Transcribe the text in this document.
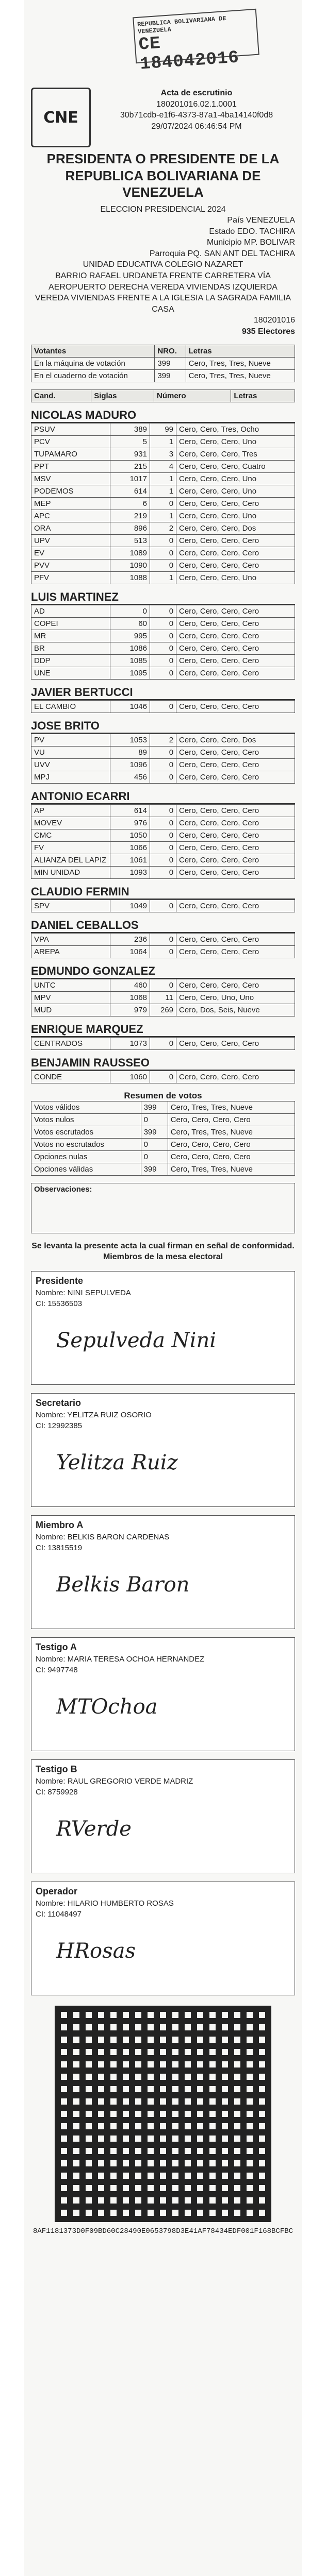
REPUBLICA BOLIVARIANA DE VENEZUELA
CE 184042016
CNE
Acta de escrutinio
180201016.02.1.0001
30b71cdb-e1f6-4373-87a1-4ba14140f0d8
29/07/2024 06:46:54 PM
PRESIDENTA O PRESIDENTE DE LA REPUBLICA BOLIVARIANA DE VENEZUELA
ELECCION PRESIDENCIAL 2024
País VENEZUELA
Estado EDO. TACHIRA
Municipio MP. BOLIVAR
Parroquia PQ. SAN ANT DEL TACHIRA
UNIDAD EDUCATIVA COLEGIO NAZARET
BARRIO RAFAEL URDANETA FRENTE CARRETERA VÍA AEROPUERTO DERECHA VEREDA VIVIENDAS IZQUIERDA VEREDA VIVIENDAS FRENTE A LA IGLESIA LA SAGRADA FAMILIA CASA
180201016
935 Electores
Votantes	NRO.	Letras
En la máquina de votación	399	Cero, Tres, Tres, Nueve
En el cuaderno de votación	399	Cero, Tres, Tres, Nueve
Cand.	Siglas	Número	Letras
NICOLAS MADURO
PSUV	389	99	Cero, Cero, Tres, Ocho
PCV	5	1	Cero, Cero, Cero, Uno
TUPAMARO	931	3	Cero, Cero, Cero, Tres
PPT	215	4	Cero, Cero, Cero, Cuatro
MSV	1017	1	Cero, Cero, Cero, Uno
PODEMOS	614	1	Cero, Cero, Cero, Uno
MEP	6	0	Cero, Cero, Cero, Cero
APC	219	1	Cero, Cero, Cero, Uno
ORA	896	2	Cero, Cero, Cero, Dos
UPV	513	0	Cero, Cero, Cero, Cero
EV	1089	0	Cero, Cero, Cero, Cero
PVV	1090	0	Cero, Cero, Cero, Cero
PFV	1088	1	Cero, Cero, Cero, Uno
LUIS MARTINEZ
AD	0	0	Cero, Cero, Cero, Cero
COPEI	60	0	Cero, Cero, Cero, Cero
MR	995	0	Cero, Cero, Cero, Cero
BR	1086	0	Cero, Cero, Cero, Cero
DDP	1085	0	Cero, Cero, Cero, Cero
UNE	1095	0	Cero, Cero, Cero, Cero
JAVIER BERTUCCI
EL CAMBIO	1046	0	Cero, Cero, Cero, Cero
JOSE BRITO
PV	1053	2	Cero, Cero, Cero, Dos
VU	89	0	Cero, Cero, Cero, Cero
UVV	1096	0	Cero, Cero, Cero, Cero
MPJ	456	0	Cero, Cero, Cero, Cero
ANTONIO ECARRI
AP	614	0	Cero, Cero, Cero, Cero
MOVEV	976	0	Cero, Cero, Cero, Cero
CMC	1050	0	Cero, Cero, Cero, Cero
FV	1066	0	Cero, Cero, Cero, Cero
ALIANZA DEL LAPIZ	1061	0	Cero, Cero, Cero, Cero
MIN UNIDAD	1093	0	Cero, Cero, Cero, Cero
CLAUDIO FERMIN
SPV	1049	0	Cero, Cero, Cero, Cero
DANIEL CEBALLOS
VPA	236	0	Cero, Cero, Cero, Cero
AREPA	1064	0	Cero, Cero, Cero, Cero
EDMUNDO GONZALEZ
UNTC	460	0	Cero, Cero, Cero, Cero
MPV	1068	11	Cero, Cero, Uno, Uno
MUD	979	269	Cero, Dos, Seis, Nueve
ENRIQUE MARQUEZ
CENTRADOS	1073	0	Cero, Cero, Cero, Cero
BENJAMIN RAUSSEO
CONDE	1060	0	Cero, Cero, Cero, Cero
Resumen de votos
Votos válidos	399	Cero, Tres, Tres, Nueve
Votos nulos	0	Cero, Cero, Cero, Cero
Votos escrutados	399	Cero, Tres, Tres, Nueve
Votos no escrutados	0	Cero, Cero, Cero, Cero
Opciones nulas	0	Cero, Cero, Cero, Cero
Opciones válidas	399	Cero, Tres, Tres, Nueve
Observaciones:
Se levanta la presente acta la cual firman en señal de conformidad.
Miembros de la mesa electoral
Presidente
Nombre: NINI SEPULVEDA
CI: 15536503
Sepulveda Nini
Secretario
Nombre: YELITZA RUIZ OSORIO
CI: 12992385
Yelitza Ruiz
Miembro A
Nombre: BELKIS BARON CARDENAS
CI: 13815519
Belkis Baron
Testigo A
Nombre: MARIA TERESA OCHOA HERNANDEZ
CI: 9497748
MTOchoa
Testigo B
Nombre: RAUL GREGORIO VERDE MADRIZ
CI: 8759928
RVerde
Operador
Nombre: HILARIO HUMBERTO ROSAS
CI: 11048497
HRosas
8AF1181373D0F09BD60C28490E0653798D3E41AF78434EDF001F168BCFBC
